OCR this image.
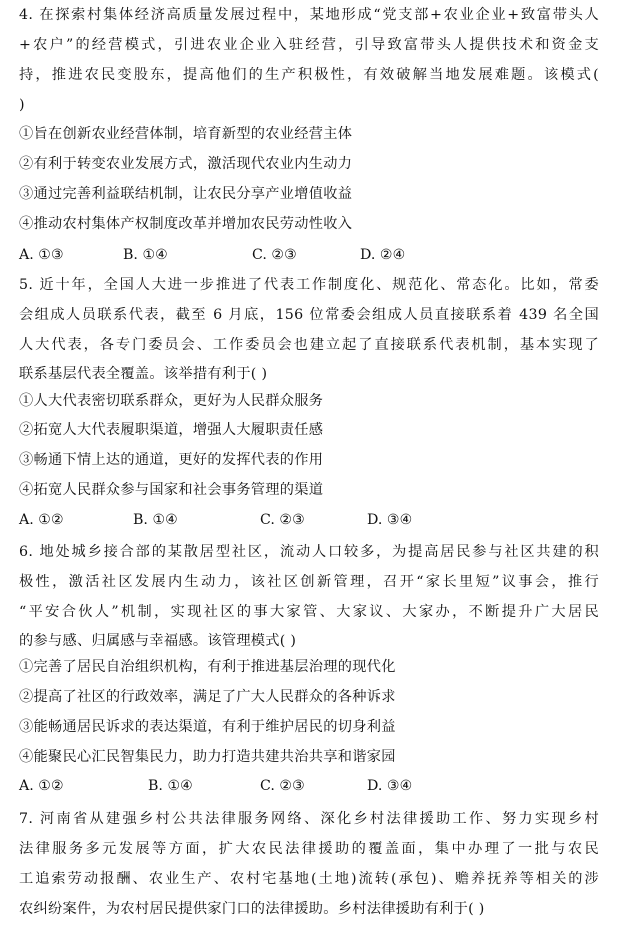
4. 在探索村集体经济高质量发展过程中，某地形成“党支部+农业企业+致富带头人
+农户”的经营模式，引进农业企业入驻经营，引导致富带头人提供技术和资金支
持，推进农民变股东，提高他们的生产积极性，有效破解当地发展难题。该模式(
)
①旨在创新农业经营体制，培育新型的农业经营主体
②有利于转变农业发展方式，激活现代农业内生动力
③通过完善利益联结机制，让农民分享产业增值收益
④推动农村集体产权制度改革并增加农民劳动性收入
A. ①③	B. ①④	C. ②③	D. ②④
5. 近十年，全国人大进一步推进了代表工作制度化、规范化、常态化。比如，常委
会组成人员联系代表，截至 6 月底，156 位常委会组成人员直接联系着 439 名全国
人大代表，各专门委员会、工作委员会也建立起了直接联系代表机制，基本实现了
联系基层代表全覆盖。该举措有利于( )
①人大代表密切联系群众，更好为人民群众服务
②拓宽人大代表履职渠道，增强人大履职责任感
③畅通下情上达的通道，更好的发挥代表的作用
④拓宽人民群众参与国家和社会事务管理的渠道
A. ①②	B. ①④	C. ②③	D. ③④
6. 地处城乡接合部的某散居型社区，流动人口较多，为提高居民参与社区共建的积
极性，激活社区发展内生动力，该社区创新管理，召开“家长里短”议事会，推行
“平安合伙人”机制，实现社区的事大家管、大家议、大家办，不断提升广大居民
的参与感、归属感与幸福感。该管理模式( )
①完善了居民自治组织机构，有利于推进基层治理的现代化
②提高了社区的行政效率，满足了广大人民群众的各种诉求
③能畅通居民诉求的表达渠道，有利于维护居民的切身利益
④能聚民心汇民智集民力，助力打造共建共治共享和谐家园
A. ①②	B. ①④	C. ②③	D. ③④
7. 河南省从建强乡村公共法律服务网络、深化乡村法律援助工作、努力实现乡村
法律服务多元发展等方面，扩大农民法律援助的覆盖面，集中办理了一批与农民
工追索劳动报酬、农业生产、农村宅基地(土地)流转(承包)、赡养抚养等相关的涉
农纠纷案件，为农村居民提供家门口的法律援助。乡村法律援助有利于( )
